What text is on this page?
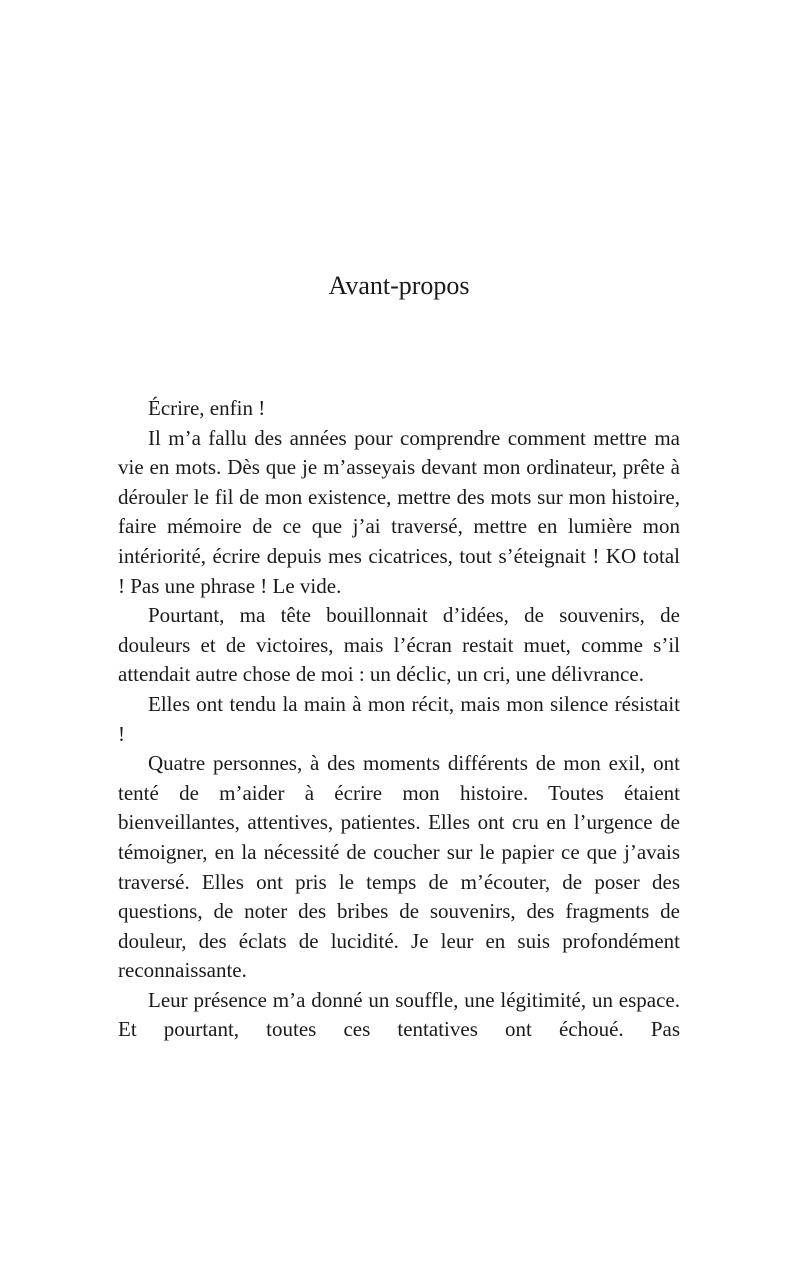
Avant-propos

Écrire, enfin !

Il m’a fallu des années pour comprendre comment mettre ma vie en mots. Dès que je m’asseyais devant mon ordinateur, prête à dérouler le fil de mon existence, mettre des mots sur mon histoire, faire mémoire de ce que j’ai traversé, mettre en lumière mon intériorité, écrire depuis mes cicatrices, tout s’éteignait ! KO total ! Pas une phrase ! Le vide.

Pourtant, ma tête bouillonnait d’idées, de souvenirs, de douleurs et de victoires, mais l’écran restait muet, comme s’il attendait autre chose de moi : un déclic, un cri, une délivrance.

Elles ont tendu la main à mon récit, mais mon silence résistait !

Quatre personnes, à des moments différents de mon exil, ont tenté de m’aider à écrire mon histoire. Toutes étaient bienveillantes, attentives, patientes. Elles ont cru en l’urgence de témoigner, en la nécessité de coucher sur le papier ce que j’avais traversé. Elles ont pris le temps de m’écouter, de poser des questions, de noter des bribes de souvenirs, des fragments de douleur, des éclats de lucidité. Je leur en suis profondément reconnaissante.

Leur présence m’a donné un souffle, une légitimité, un espace. Et pourtant, toutes ces tentatives ont échoué. Pas
